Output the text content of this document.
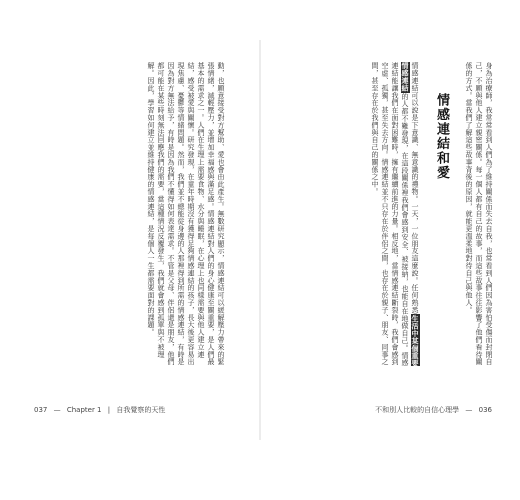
動，也願意接受對方幫助、愛也會由此產生。無數研究顯示，情感連結可以緩解壓力帶來的緊張情緒，減輕壓力，並增加幸福感與滿足感。情感連結對人們的身心健康至關重要，是人們最基本的需求之一。人們在生理上需要食物、水分與睡眠，在心理上也同樣需要與他人建立連結，感受被愛與關懷。研究發現，在童年時期沒有獲得足夠情感連結的孩子，長大後更容易出現焦慮、憂鬱等情緒問題。然而，我們並不總能從身邊的人那裡得到所需的情感連結，有時是因為對方無法給予，有時是因為我們不懂得如何表達需求。不管是父母、伴侶還是朋友，他們都可能在某些時刻無法回應我們的需要，當這種情況反覆發生，我們就會感到孤單與不被理解。因此，學習如何建立並維持健康的情感連結，是每個人一生都需要面對的課題。
037 — Chapter 1 | 自我覺察的天性
身為治療師，我常常看到人們為了維持關係而失去自我，也常看到人們因為害怕受傷而封閉自己，不願與他人建立親密關係。每一個人都有自己的故事，而這些故事往往影響了他們看待關係的方式。當我們了解這些故事背後的原因，就能更溫柔地對待自己與他人。
情感連結和愛
情感連結可以說是下意識、無意識的禮物。一天，一位朋友這麼說。任何熟悉生活中某個重要情感連結的人都不難發現，在這段關係裡我們會感到安全、被接納，也能自在地做自己。情感連結能讓我們在面對困難時，擁有繼續前進的力量。相反地，當情感連結斷裂時，我們會感到空虛、孤獨，甚至失去方向。情感連結並不只存在於伴侶之間，也存在於親子、朋友、同事之間，甚至存在於我們與自己的關係之中。
不和別人比較的自信心理學 — 036
